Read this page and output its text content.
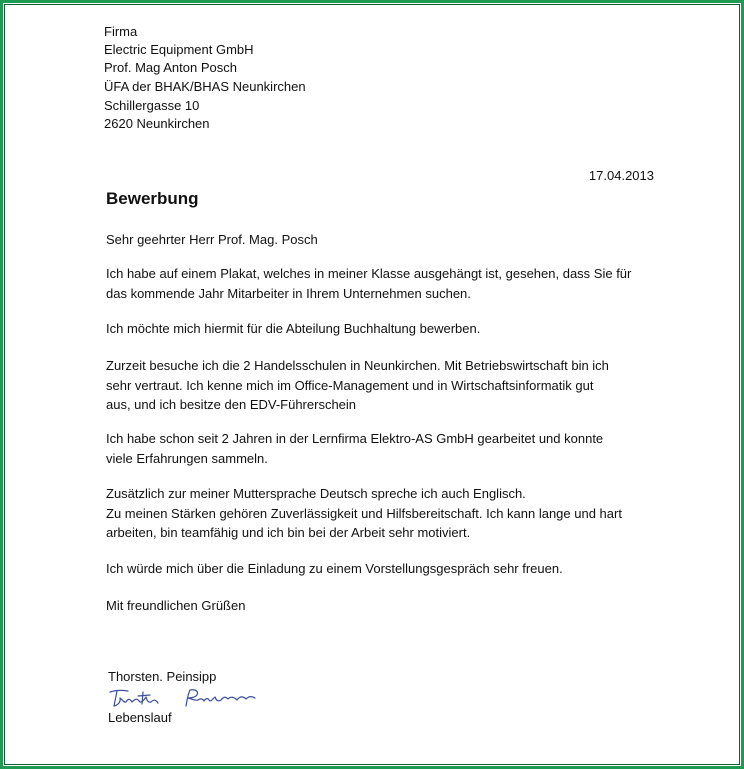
Firma
Electric Equipment GmbH
Prof. Mag Anton Posch
ÜFA der BHAK/BHAS Neunkirchen
Schillergasse 10
2620 Neunkirchen
17.04.2013
Bewerbung
Sehr geehrter Herr Prof. Mag. Posch
Ich habe auf einem Plakat, welches in meiner Klasse ausgehängt ist, gesehen, dass Sie für
das kommende Jahr Mitarbeiter in Ihrem Unternehmen suchen.
Ich möchte mich hiermit für die Abteilung Buchhaltung bewerben.
Zurzeit besuche ich die 2 Handelsschulen in Neunkirchen. Mit Betriebswirtschaft bin ich
sehr vertraut. Ich kenne mich im Office-Management und in Wirtschaftsinformatik gut
aus, und ich besitze den EDV-Führerschein
Ich habe schon seit 2 Jahren in der Lernfirma Elektro-AS GmbH gearbeitet und konnte
viele Erfahrungen sammeln.
Zusätzlich zur meiner Muttersprache Deutsch spreche ich auch Englisch.
Zu meinen Stärken gehören Zuverlässigkeit und Hilfsbereitschaft. Ich kann lange und hart
arbeiten, bin teamfähig und ich bin bei der Arbeit sehr motiviert.
Ich würde mich über die Einladung zu einem Vorstellungsgespräch sehr freuen.
Mit freundlichen Grüßen
Thorsten. Peinsipp
Lebenslauf
